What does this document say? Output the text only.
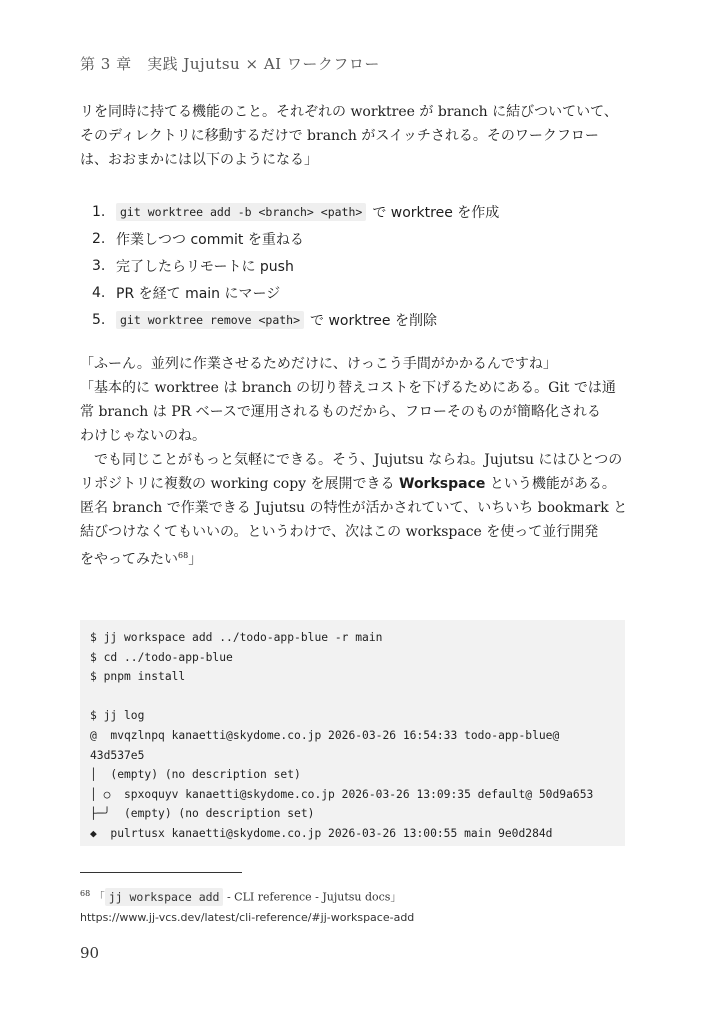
第 3 章　実践 Jujutsu × AI ワークフロー
リを同時に持てる機能のこと。それぞれの worktree が branch に結びついていて、
そのディレクトリに移動するだけで branch がスイッチされる。そのワークフロー
は、おおまかには以下のようになる」
1.	git worktree add -b <branch> <path> で worktree を作成
2. 作業しつつ commit を重ねる
3. 完了したらリモートに push
4. PR を経て main にマージ
5.	git worktree remove <path> で worktree を削除
「ふーん。並列に作業させるためだけに、けっこう手間がかかるんですね」
「基本的に worktree は branch の切り替えコストを下げるためにある。Git では通
常 branch は PR ベースで運用されるものだから、フローそのものが簡略化される
わけじゃないのね。
　でも同じことがもっと気軽にできる。そう、Jujutsu ならね。Jujutsu にはひとつの
リポジトリに複数の working copy を展開できる Workspace という機能がある。
匿名 branch で作業できる Jujutsu の特性が活かされていて、いちいち bookmark と
結びつけなくてもいいの。というわけで、次はこの workspace を使って並行開発
をやってみたい$^{68}$」
$ jj workspace add ../todo-app-blue -r main
$ cd ../todo-app-blue
$ pnpm install
$ jj log
@  mvqzlnpq kanaetti@skydome.co.jp 2026-03-26 16:54:33 todo-app-blue@
43d537e5
│  (empty) (no description set)
│ ○  spxoquyv kanaetti@skydome.co.jp 2026-03-26 13:09:35 default@ 50d9a653
├─╯  (empty) (no description set)
◆  pulrtusx kanaetti@skydome.co.jp 2026-03-26 13:00:55 main 9e0d284d
$^{68}$ 「 jj workspace add - CLI reference - Jujutsu docs」
https://www.jj-vcs.dev/latest/cli-reference/#jj-workspace-add
90
